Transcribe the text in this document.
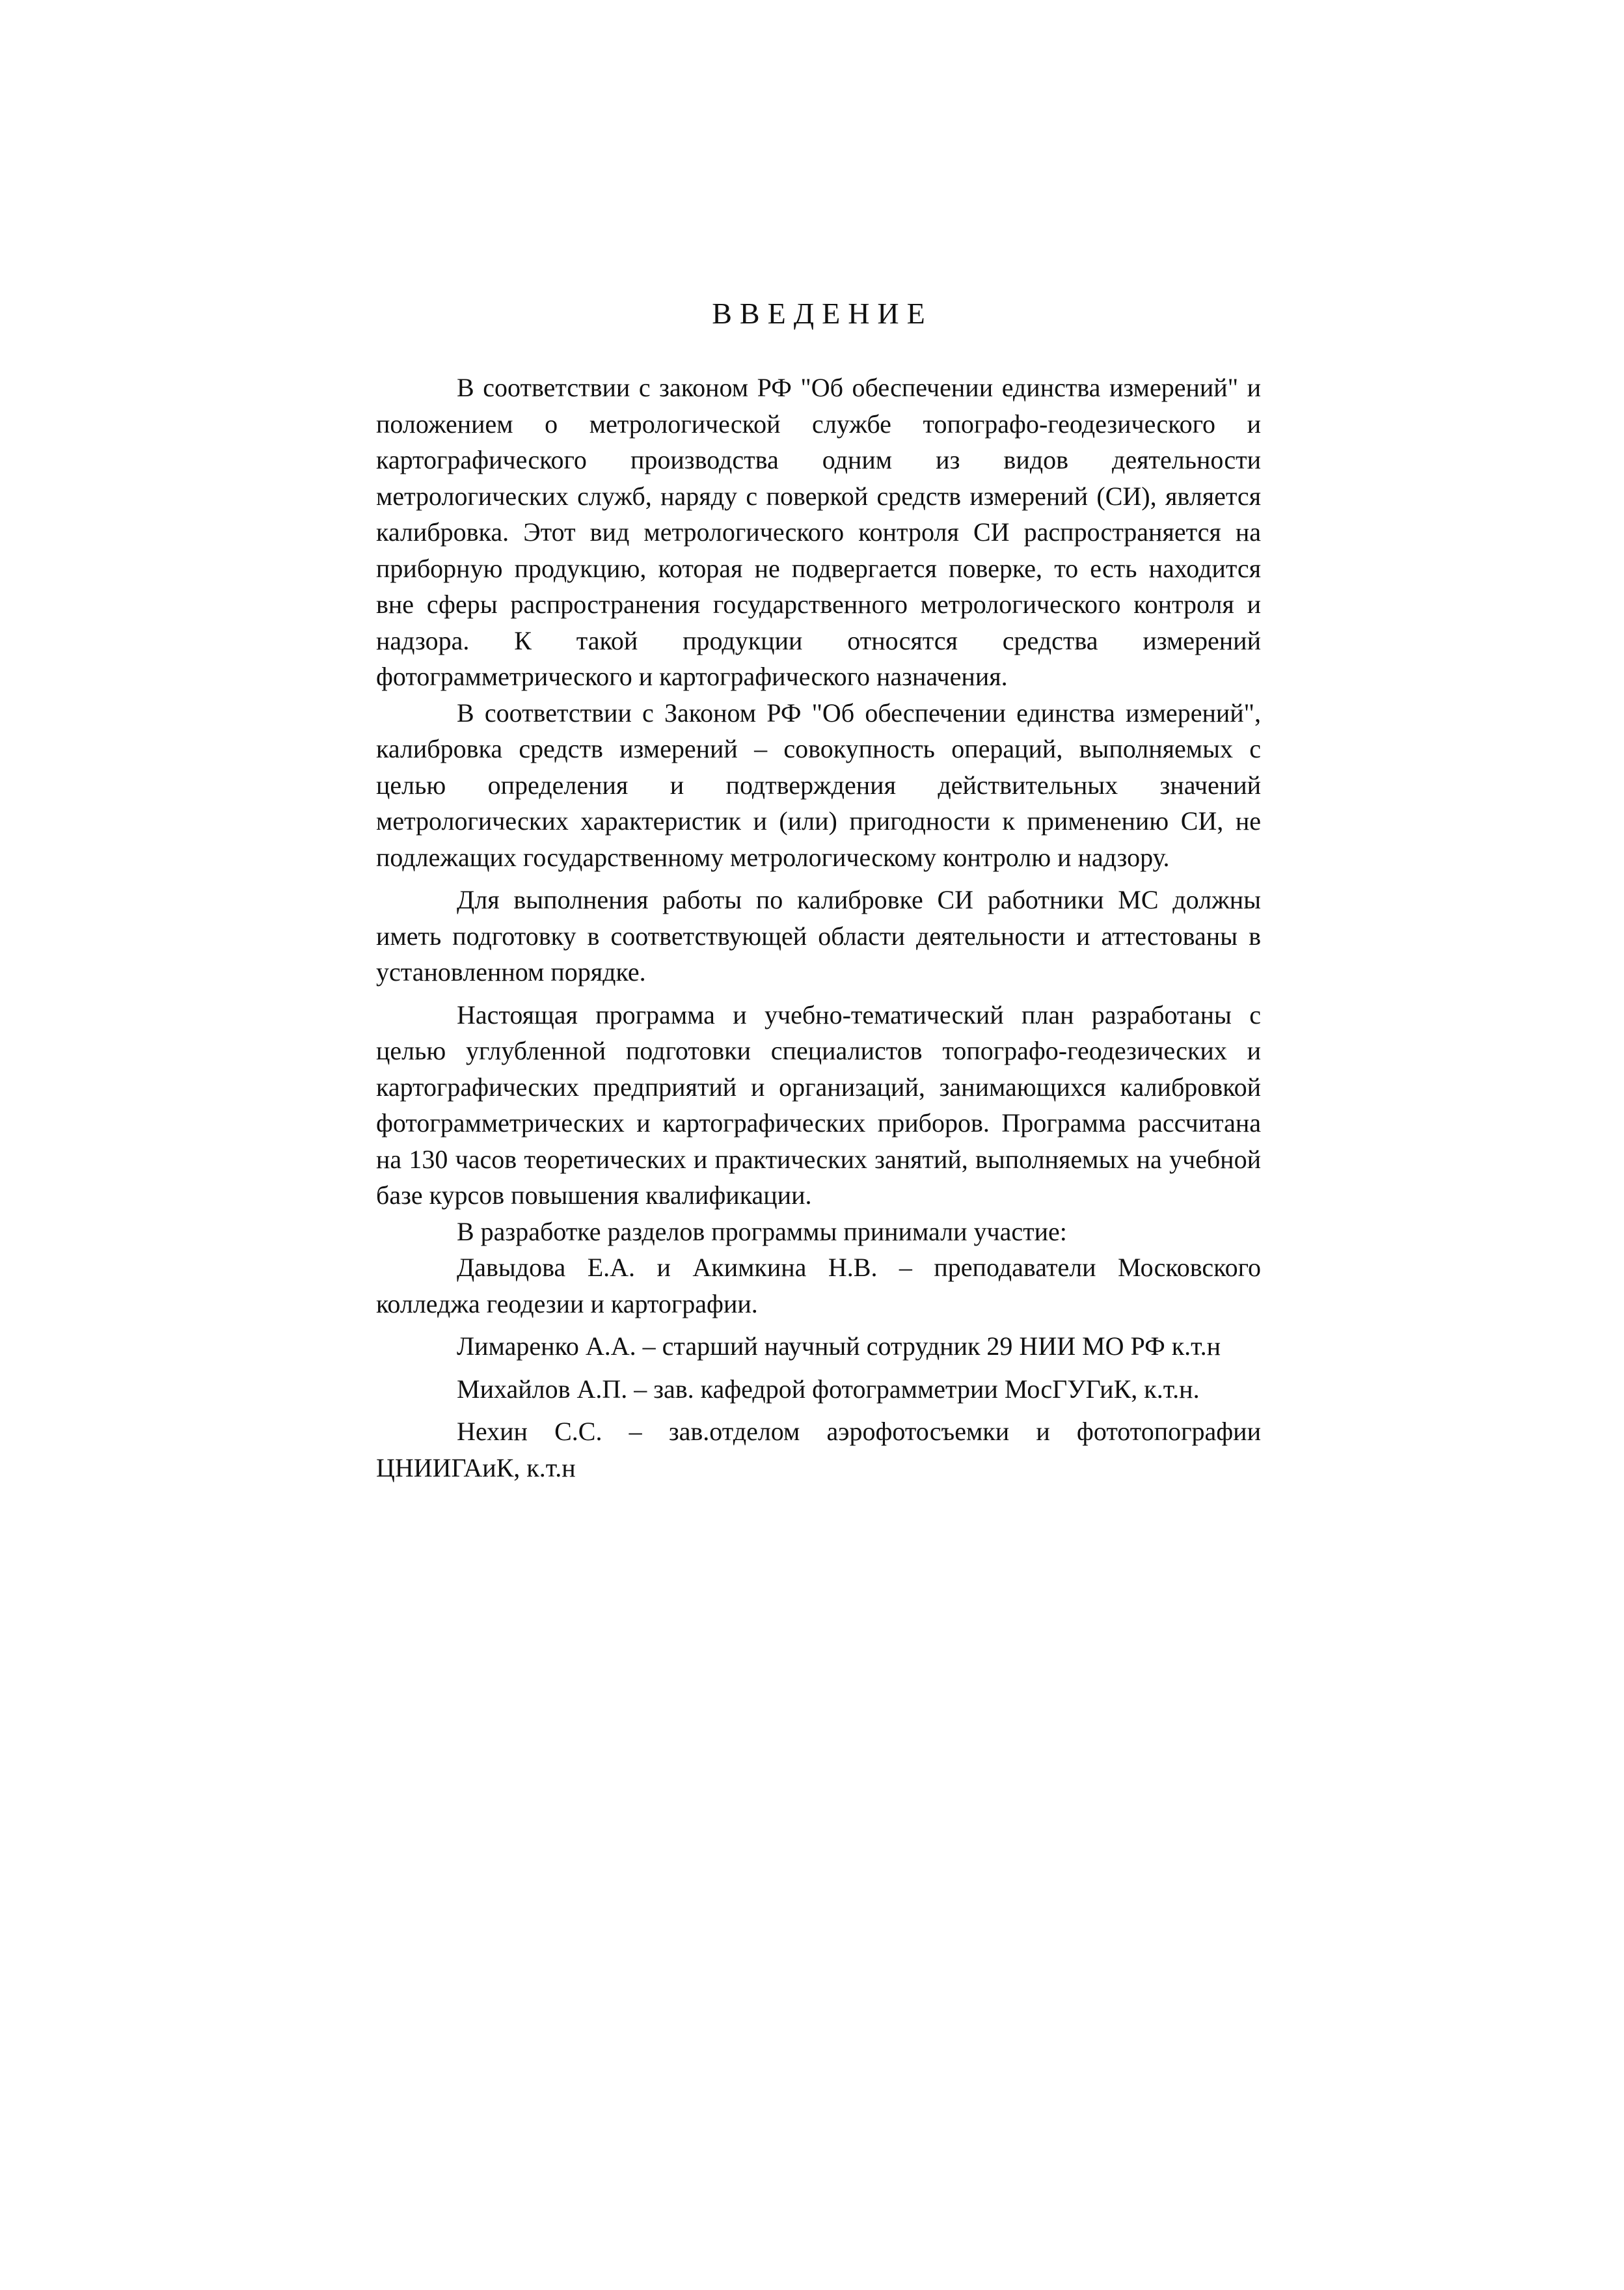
ВВЕДЕНИЕ

В соответствии с законом РФ "Об обеспечении единства измерений" и положением о метрологической службе топографо-геодезического и картографического производства одним из видов деятельности метрологических служб, наряду с поверкой средств измерений (СИ), является калибровка. Этот вид метрологического контроля СИ распространяется на приборную продукцию, которая не подвергается поверке, то есть находится вне сферы распространения государственного метрологического контроля и надзора. К такой продукции относятся средства измерений фотограмметрического и картографического назначения.

В соответствии с Законом РФ "Об обеспечении единства измерений", калибровка средств измерений – совокупность операций, выполняемых с целью определения и подтверждения действительных значений метрологических характеристик и (или) пригодности к применению СИ, не подлежащих государственному метрологическому контролю и надзору.

Для выполнения работы по калибровке СИ работники МС должны иметь подготовку в соответствующей области деятельности и аттестованы в установленном порядке.

Настоящая программа и учебно-тематический план разработаны с целью углубленной подготовки специалистов топографо-геодезических и картографических предприятий и организаций, занимающихся калибровкой фотограмметрических и картографических приборов. Программа рассчитана на 130 часов теоретических и практических занятий, выполняемых на учебной базе курсов повышения квалификации.

В разработке разделов программы принимали участие:

Давыдова Е.А. и Акимкина Н.В. – преподаватели Московского колледжа геодезии и картографии.

Лимаренко А.А. – старший научный сотрудник 29 НИИ МО РФ к.т.н

Михайлов А.П. – зав. кафедрой фотограмметрии МосГУГиК, к.т.н.

Нехин С.С. – зав.отделом аэрофотосъемки и фототопографии ЦНИИГАиК, к.т.н
